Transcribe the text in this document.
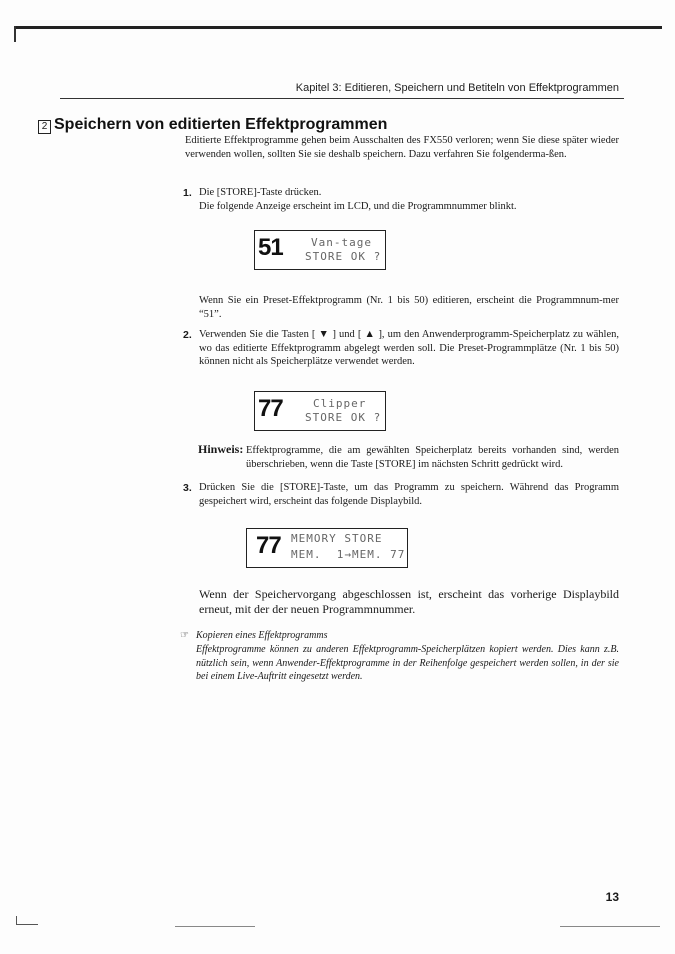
Kapitel 3: Editieren, Speichern und Betiteln von Effektprogrammen
2 Speichern von editierten Effektprogrammen
Editierte Effektprogramme gehen beim Ausschalten des FX550 verloren; wenn Sie diese später wieder verwenden wollen, sollten Sie sie deshalb speichern. Dazu verfahren Sie folgenderma-ßen.
1. Die [STORE]-Taste drücken.
Die folgende Anzeige erscheint im LCD, und die Programmnummer blinkt.
51	Van-tage
STORE OK ?
Wenn Sie ein Preset-Effektprogramm (Nr. 1 bis 50) editieren, erscheint die Programmnum-mer “51”.
2. Verwenden Sie die Tasten [ ▼ ] und [ ▲ ], um den Anwenderprogramm-Speicherplatz zu wählen, wo das editierte Effektprogramm abgelegt werden soll. Die Preset-Programmplätze (Nr. 1 bis 50) können nicht als Speicherplätze verwendet werden.
77	Clipper
STORE OK ?
Hinweis: Effektprogramme, die am gewählten Speicherplatz bereits vorhanden sind, werden überschrieben, wenn die Taste [STORE] im nächsten Schritt gedrückt wird.
3. Drücken Sie die [STORE]-Taste, um das Programm zu speichern. Während das Programm gespeichert wird, erscheint das folgende Displaybild.
77 MEMORY STORE
MEM.  1→MEM. 77
Wenn der Speichervorgang abgeschlossen ist, erscheint das vorherige Displaybild erneut, mit der der neuen Programmnummer.
☞ Kopieren eines Effektprogramms
Effektprogramme können zu anderen Effektprogramm-Speicherplätzen kopiert werden. Dies kann z.B. nützlich sein, wenn Anwender-Effektprogramme in der Reihenfolge gespeichert werden sollen, in der sie bei einem Live-Auftritt eingesetzt werden.
13
